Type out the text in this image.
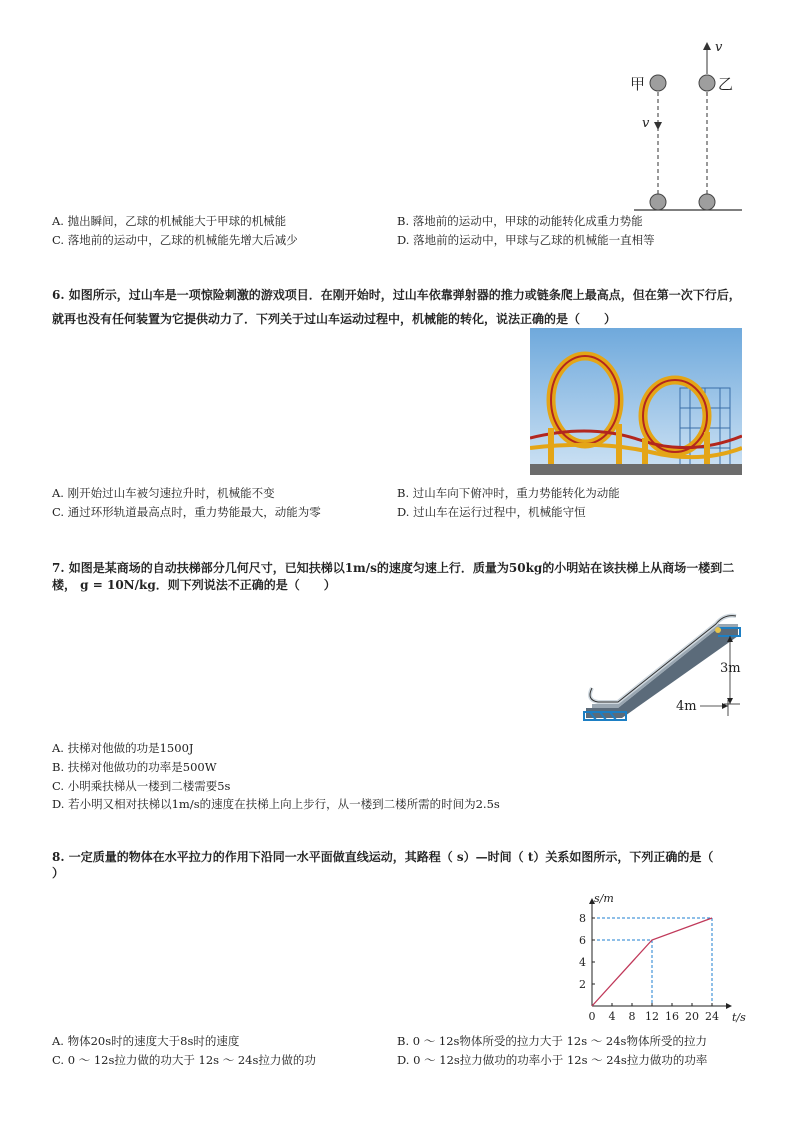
甲	乙
v
v
A. 抛出瞬间，乙球的机械能大于甲球的机械能	B. 落地前的运动中，甲球的动能转化成重力势能
C. 落地前的运动中，乙球的机械能先增大后减少	D. 落地前的运动中，甲球与乙球的机械能一直相等
6. 如图所示，过山车是一项惊险刺激的游戏项目．在刚开始时，过山车依靠弹射器的推力或链条爬上最高点，但在第一次下行后，就再也没有任何装置为它提供动力了．下列关于过山车运动过程中，机械能的转化，说法正确的是（　　）
A. 刚开始过山车被匀速拉升时，机械能不变	B. 过山车向下俯冲时，重力势能转化为动能
C. 通过环形轨道最高点时，重力势能最大，动能为零	D. 过山车在运行过程中，机械能守恒
7. 如图是某商场的自动扶梯部分几何尺寸，已知扶梯以1m/s的速度匀速上行．质量为50kg的小明站在该扶梯上从商场一楼到二
楼， g = 10N/kg．则下列说法不正确的是（　　）
3m
4m
A. 扶梯对他做的功是1500J
B. 扶梯对他做功的功率是500W
C. 小明乘扶梯从一楼到二楼需要5s
D. 若小明又相对扶梯以1m/s的速度在扶梯上向上步行，从一楼到二楼所需的时间为2.5s
8. 一定质量的物体在水平拉力的作用下沿同一水平面做直线运动，其路程（ s）—时间（ t）关系如图所示，下列正确的是（
）
0 4 8 12 16 20 24
2
4
6
8
t/s
s/m
A. 物体20s时的速度大于8s时的速度	B. 0 ～ 12s物体所受的拉力大于 12s ～ 24s物体所受的拉力
C. 0 ～ 12s拉力做的功大于 12s ～ 24s拉力做的功	D. 0 ～ 12s拉力做功的功率小于 12s ～ 24s拉力做功的功率
